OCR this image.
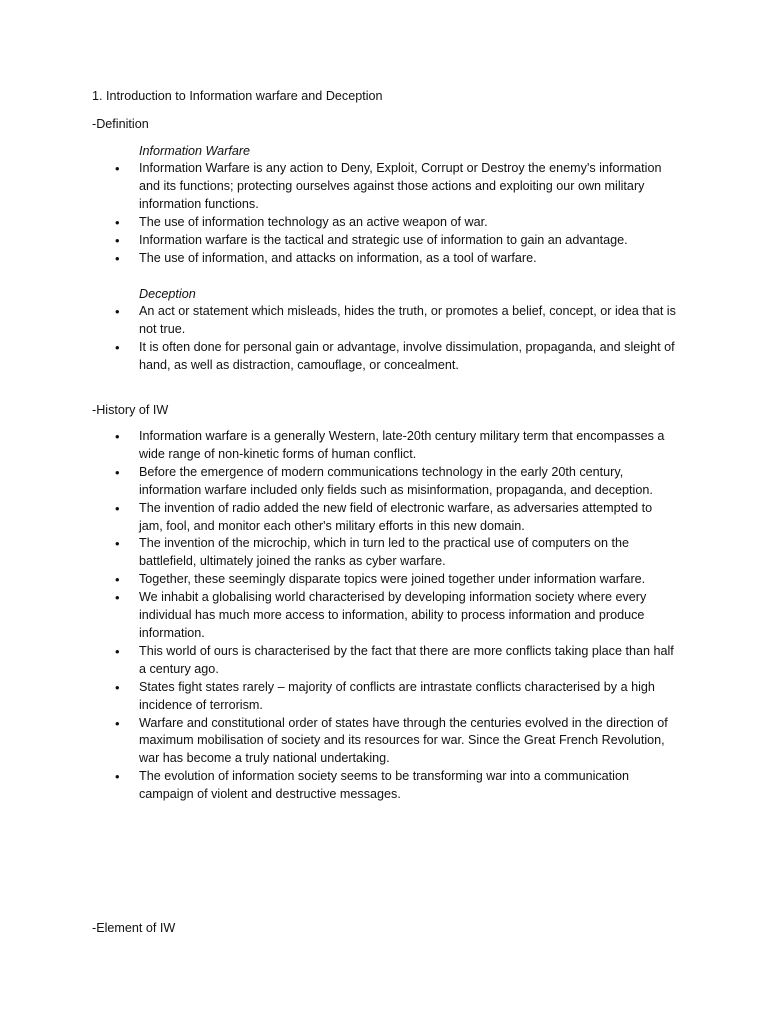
1. Introduction to Information warfare and Deception
-Definition
Information Warfare
• Information Warfare is any action to Deny, Exploit, Corrupt or Destroy the enemy's information and its functions; protecting ourselves against those actions and exploiting our own military information functions.
• The use of information technology as an active weapon of war.
• Information warfare is the tactical and strategic use of information to gain an advantage.
• The use of information, and attacks on information, as a tool of warfare.
Deception
• An act or statement which misleads, hides the truth, or promotes a belief, concept, or idea that is not true.
• It is often done for personal gain or advantage, involve dissimulation, propaganda, and sleight of hand, as well as distraction, camouflage, or concealment.
-History of IW
• Information warfare is a generally Western, late-20th century military term that encompasses a wide range of non-kinetic forms of human conflict.
• Before the emergence of modern communications technology in the early 20th century, information warfare included only fields such as misinformation, propaganda, and deception.
• The invention of radio added the new field of electronic warfare, as adversaries attempted to jam, fool, and monitor each other's military efforts in this new domain.
• The invention of the microchip, which in turn led to the practical use of computers on the battlefield, ultimately joined the ranks as cyber warfare.
• Together, these seemingly disparate topics were joined together under information warfare.
• We inhabit a globalising world characterised by developing information society where every individual has much more access to information, ability to process information and produce information.
• This world of ours is characterised by the fact that there are more conflicts taking place than half a century ago.
• States fight states rarely – majority of conflicts are intrastate conflicts characterised by a high incidence of terrorism.
• Warfare and constitutional order of states have through the centuries evolved in the direction of maximum mobilisation of society and its resources for war. Since the Great French Revolution, war has become a truly national undertaking.
• The evolution of information society seems to be transforming war into a communication campaign of violent and destructive messages.
-Element of IW
